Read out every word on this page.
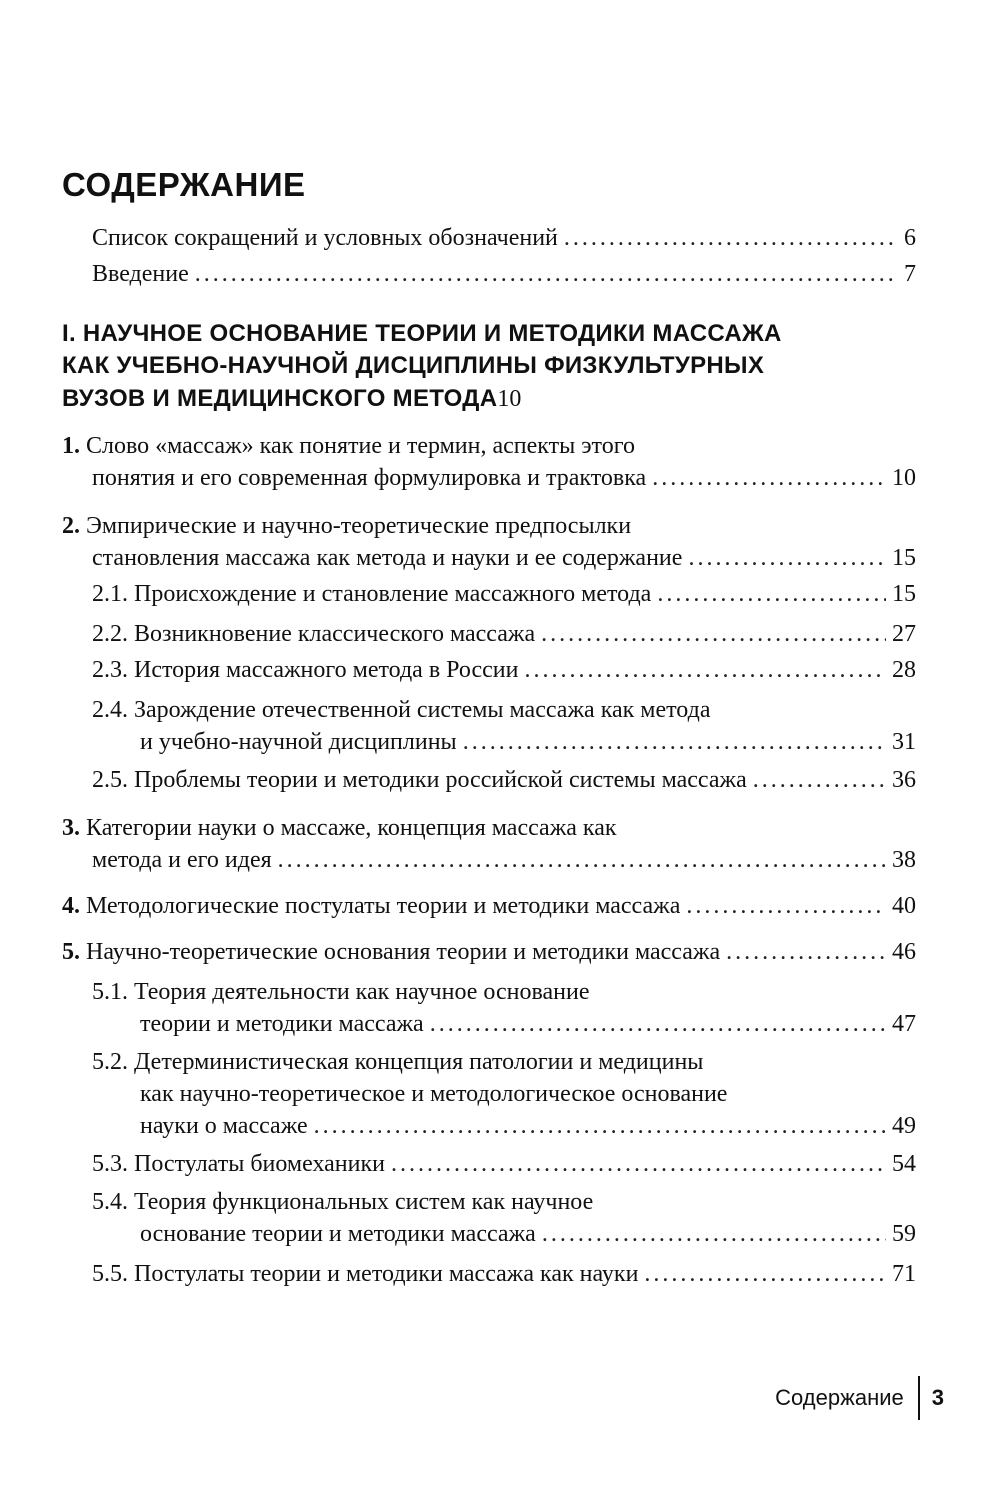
СОДЕРЖАНИЕ
Список сокращений и условных обозначений .....	6
Введение .....	7
I. НАУЧНОЕ ОСНОВАНИЕ ТЕОРИИ И МЕТОДИКИ МАССАЖА
КАК УЧЕБНО-НАУЧНОЙ ДИСЦИПЛИНЫ ФИЗКУЛЬТУРНЫХ
ВУЗОВ И МЕДИЦИНСКОГО МЕТОДА 10
1. Слово «массаж» как понятие и термин, аспекты этого
понятия и его современная формулировка и трактовка .....	10
2. Эмпирические и научно-теоретические предпосылки
становления массажа как метода и науки и ее содержание .....	15
2.1. Происхождение и становление массажного метода .....	15
2.2. Возникновение классического массажа .....	27
2.3. История массажного метода в России .....	28
2.4. Зарождение отечественной системы массажа как метода
и учебно-научной дисциплины .....	31
2.5. Проблемы теории и методики российской системы массажа .....	36
3. Категории науки о массаже, концепция массажа как
метода и его идея .....	38
4. Методологические постулаты теории и методики массажа .....	40
5. Научно-теоретические основания теории и методики массажа .....	46
5.1. Теория деятельности как научное основание
теории и методики массажа .....	47
5.2. Детерминистическая концепция патологии и медицины
как научно-теоретическое и методологическое основание
науки о массаже .....	49
5.3. Постулаты биомеханики .....	54
5.4. Теория функциональных систем как научное
основание теории и методики массажа .....	59
5.5. Постулаты теории и методики массажа как науки .....	71
Содержание 3
